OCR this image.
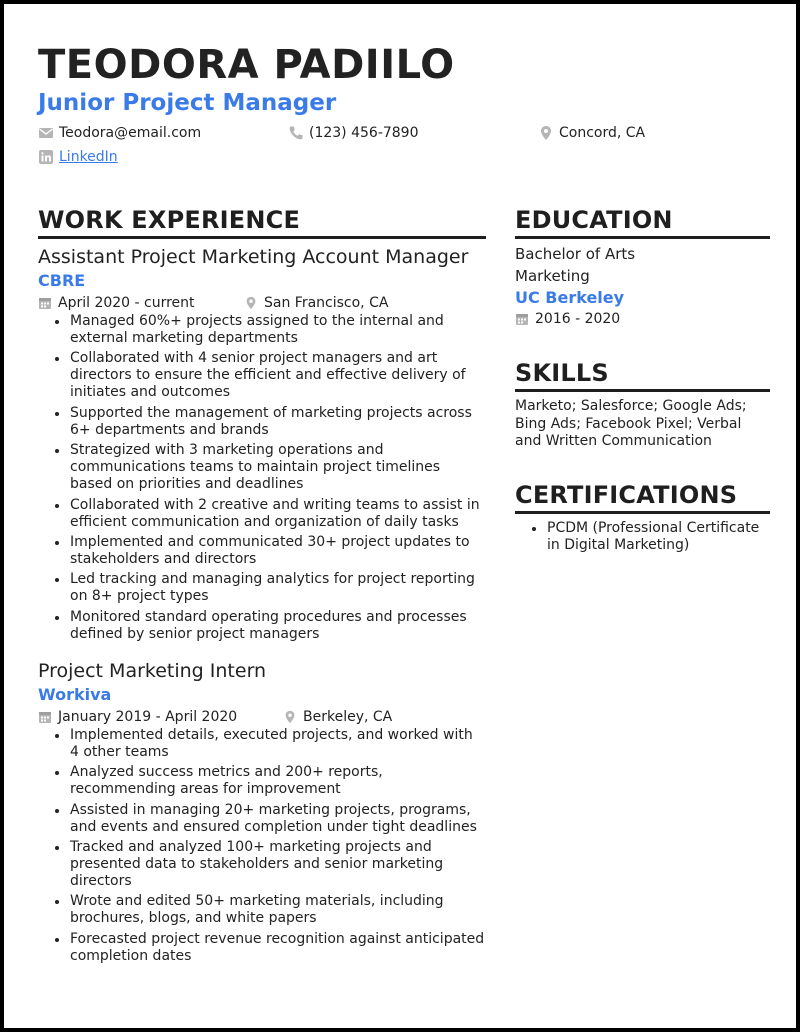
TEODORA PADIILO
Junior Project Manager
Teodora@email.com	(123) 456-7890	Concord, CA
LinkedIn
WORK EXPERIENCE
Assistant Project Marketing Account Manager
CBRE
April 2020 - current	San Francisco, CA
Managed 60%+ projects assigned to the internal and external marketing departments
Collaborated with 4 senior project managers and art directors to ensure the efficient and effective delivery of initiates and outcomes
Supported the management of marketing projects across 6+ departments and brands
Strategized with 3 marketing operations and communications teams to maintain project timelines based on priorities and deadlines
Collaborated with 2 creative and writing teams to assist in efficient communication and organization of daily tasks
Implemented and communicated 30+ project updates to stakeholders and directors
Led tracking and managing analytics for project reporting on 8+ project types
Monitored standard operating procedures and processes defined by senior project managers
Project Marketing Intern
Workiva
January 2019 - April 2020	Berkeley, CA
Implemented details, executed projects, and worked with 4 other teams
Analyzed success metrics and 200+ reports, recommending areas for improvement
Assisted in managing 20+ marketing projects, programs, and events and ensured completion under tight deadlines
Tracked and analyzed 100+ marketing projects and presented data to stakeholders and senior marketing directors
Wrote and edited 50+ marketing materials, including brochures, blogs, and white papers
Forecasted project revenue recognition against anticipated completion dates
EDUCATION
Bachelor of Arts
Marketing
UC Berkeley
2016 - 2020
SKILLS
Marketo; Salesforce; Google Ads; Bing Ads; Facebook Pixel; Verbal and Written Communication
CERTIFICATIONS
PCDM (Professional Certificate in Digital Marketing)
